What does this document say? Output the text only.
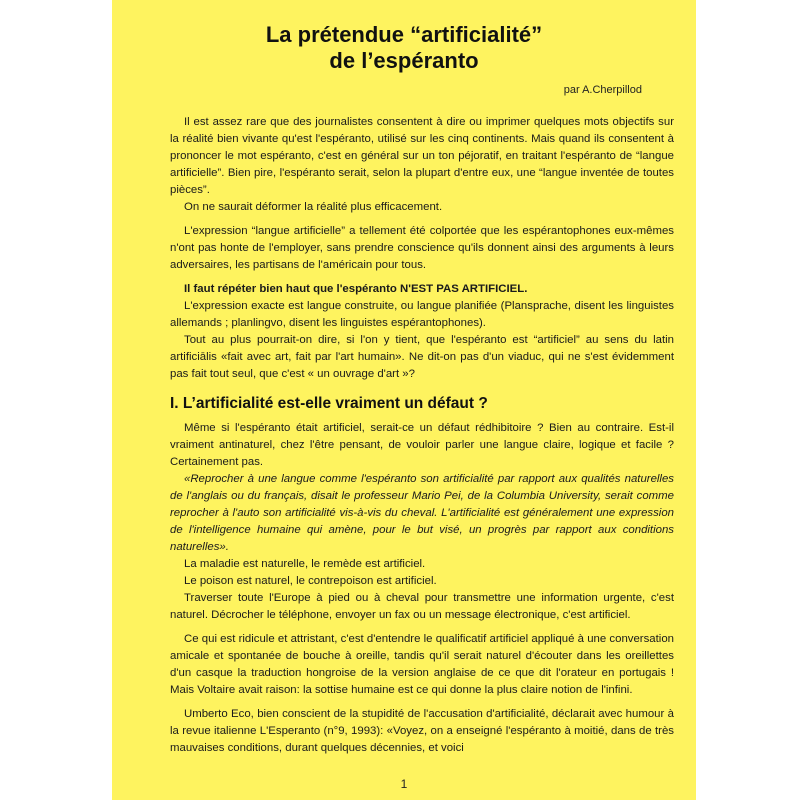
La prétendue “artificialité”
de l’espéranto
par A.Cherpillod

Il est assez rare que des journalistes consentent à dire ou imprimer quelques mots objectifs sur la réalité bien vivante qu'est l'espéranto, utilisé sur les cinq continents. Mais quand ils consentent à prononcer le mot espéranto, c'est en général sur un ton péjoratif, en traitant l'espéranto de “langue artificielle”. Bien pire, l'espéranto serait, selon la plupart d'entre eux, une “langue inventée de toutes pièces”.

On ne saurait déformer la réalité plus efficacement.

L'expression “langue artificielle” a tellement été colportée que les espérantophones eux-mêmes n'ont pas honte de l'employer, sans prendre conscience qu'ils donnent ainsi des arguments à leurs adversaires, les partisans de l'américain pour tous.

Il faut répéter bien haut que l'espéranto N'EST PAS ARTIFICIEL.

L'expression exacte est langue construite, ou langue planifiée (Plansprache, disent les linguistes allemands ; planlingvo, disent les linguistes espérantophones).

Tout au plus pourrait-on dire, si l'on y tient, que l'espéranto est “artificiel” au sens du latin artificiālis «fait avec art, fait par l'art humain». Ne dit-on pas d'un viaduc, qui ne s'est évidemment pas fait tout seul, que c'est « un ouvrage d'art »?

I. L’artificialité est-elle vraiment un défaut ?

Même si l'espéranto était artificiel, serait-ce un défaut rédhibitoire ? Bien au contraire. Est-il vraiment antinaturel, chez l'être pensant, de vouloir parler une langue claire, logique et facile ? Certainement pas.

«Reprocher à une langue comme l'espéranto son artificialité par rapport aux qualités naturelles de l'anglais ou du français, disait le professeur Mario Pei, de la Columbia University, serait comme reprocher à l'auto son artificialité vis-à-vis du cheval. L'artificialité est généralement une expression de l'intelligence humaine qui amène, pour le but visé, un progrès par rapport aux conditions naturelles».

La maladie est naturelle, le remède est artificiel.

Le poison est naturel, le contrepoison est artificiel.

Traverser toute l'Europe à pied ou à cheval pour transmettre une information urgente, c'est naturel. Décrocher le téléphone, envoyer un fax ou un message électronique, c'est artificiel.

Ce qui est ridicule et attristant, c'est d'entendre le qualificatif artificiel appliqué à une conversation amicale et spontanée de bouche à oreille, tandis qu'il serait naturel d'écouter dans les oreillettes d'un casque la traduction hongroise de la version anglaise de ce que dit l'orateur en portugais ! Mais Voltaire avait raison: la sottise humaine est ce qui donne la plus claire notion de l'infini.

Umberto Eco, bien conscient de la stupidité de l'accusation d'artificialité, déclarait avec humour à la revue italienne L'Esperanto (n°9, 1993): «Voyez, on a enseigné l'espéranto à moitié, dans de très mauvaises conditions, durant quelques décennies, et voici

1
